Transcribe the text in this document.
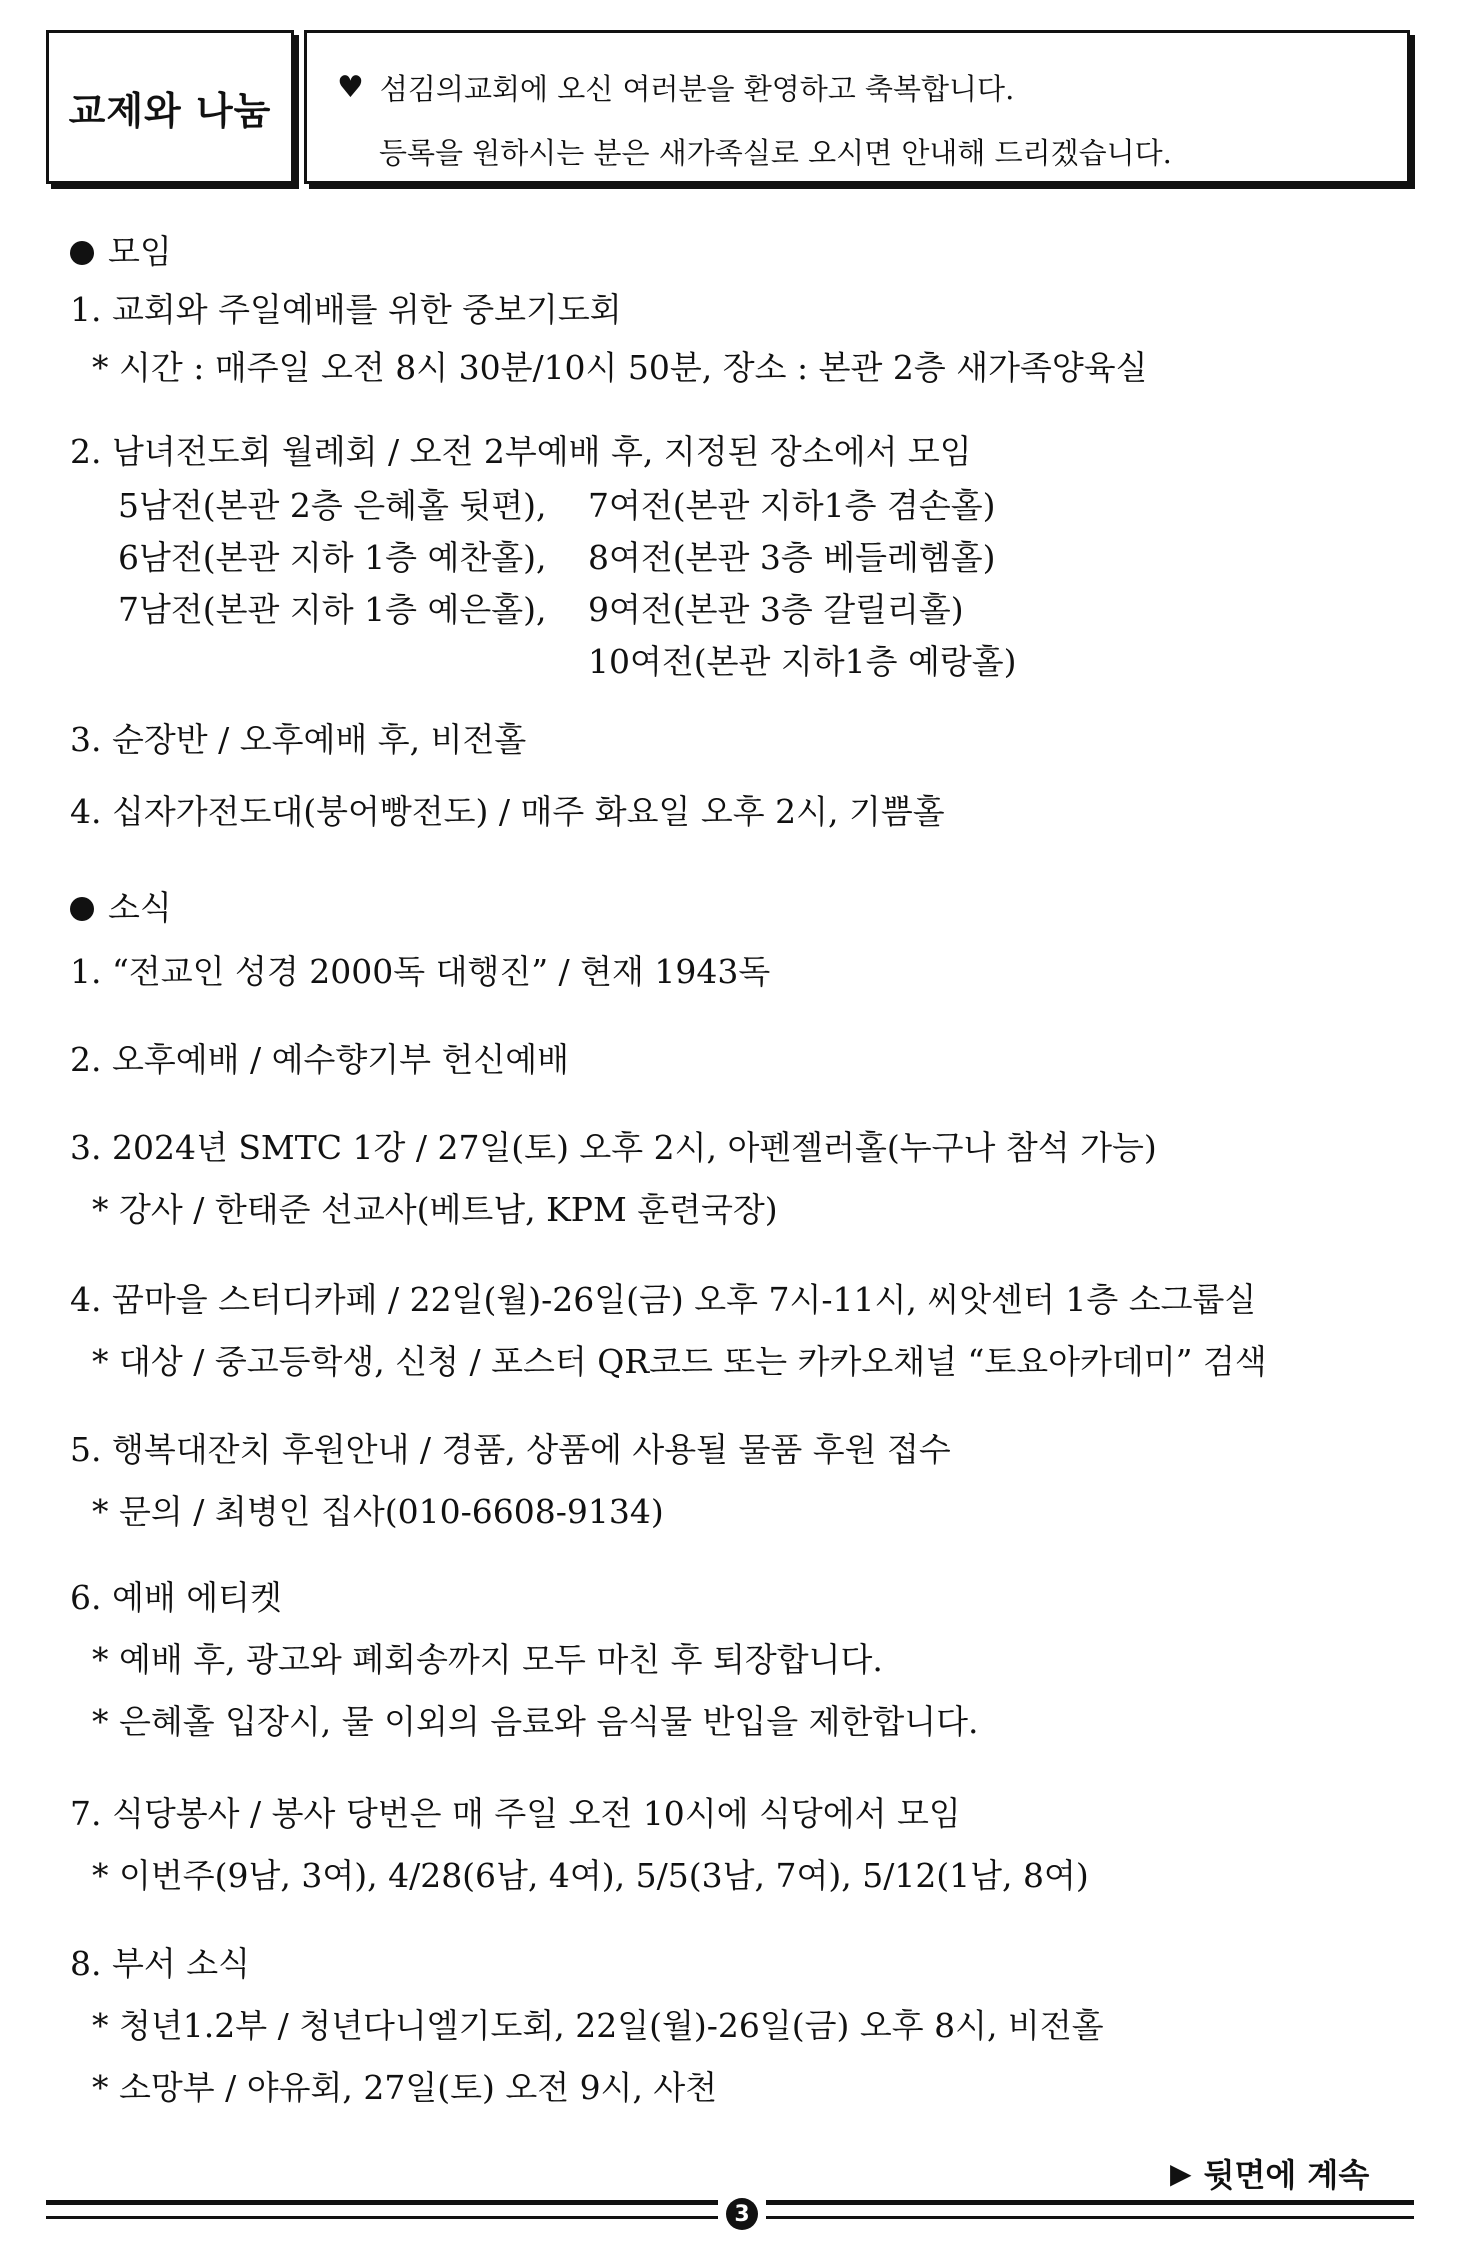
교제와 나눔
♥ 섬김의교회에 오신 여러분을 환영하고 축복합니다.
등록을 원하시는 분은 새가족실로 오시면 안내해 드리겠습니다.
모임
1. 교회와 주일예배를 위한 중보기도회
* 시간 : 매주일 오전 8시 30분/10시 50분, 장소 : 본관 2층 새가족양육실
2. 남녀전도회 월례회 / 오전 2부예배 후, 지정된 장소에서 모임
5남전(본관 2층 은혜홀 뒷편),
6남전(본관 지하 1층 예찬홀),
7남전(본관 지하 1층 예은홀),
7여전(본관 지하1층 겸손홀)
8여전(본관 3층 베들레헴홀)
9여전(본관 3층 갈릴리홀)
10여전(본관 지하1층 예랑홀)
3. 순장반 / 오후예배 후, 비전홀
4. 십자가전도대(붕어빵전도) / 매주 화요일 오후 2시, 기쁨홀
소식
1. “전교인 성경 2000독 대행진” / 현재 1943독
2. 오후예배 / 예수향기부 헌신예배
3. 2024년 SMTC 1강 / 27일(토) 오후 2시, 아펜젤러홀(누구나 참석 가능)
* 강사 / 한태준 선교사(베트남, KPM 훈련국장)
4. 꿈마을 스터디카페 / 22일(월)-26일(금) 오후 7시-11시, 씨앗센터 1층 소그룹실
* 대상 / 중고등학생, 신청 / 포스터 QR코드 또는 카카오채널 “토요아카데미” 검색
5. 행복대잔치 후원안내 / 경품, 상품에 사용될 물품 후원 접수
* 문의 / 최병인 집사(010-6608-9134)
6. 예배 에티켓
* 예배 후, 광고와 폐회송까지 모두 마친 후 퇴장합니다.
* 은혜홀 입장시, 물 이외의 음료와 음식물 반입을 제한합니다.
7. 식당봉사 / 봉사 당번은 매 주일 오전 10시에 식당에서 모임
* 이번주(9남, 3여), 4/28(6남, 4여), 5/5(3남, 7여), 5/12(1남, 8여)
8. 부서 소식
* 청년1.2부 / 청년다니엘기도회, 22일(월)-26일(금) 오후 8시, 비전홀
* 소망부 / 야유회, 27일(토) 오전 9시, 사천
▶ 뒷면에 계속
3
